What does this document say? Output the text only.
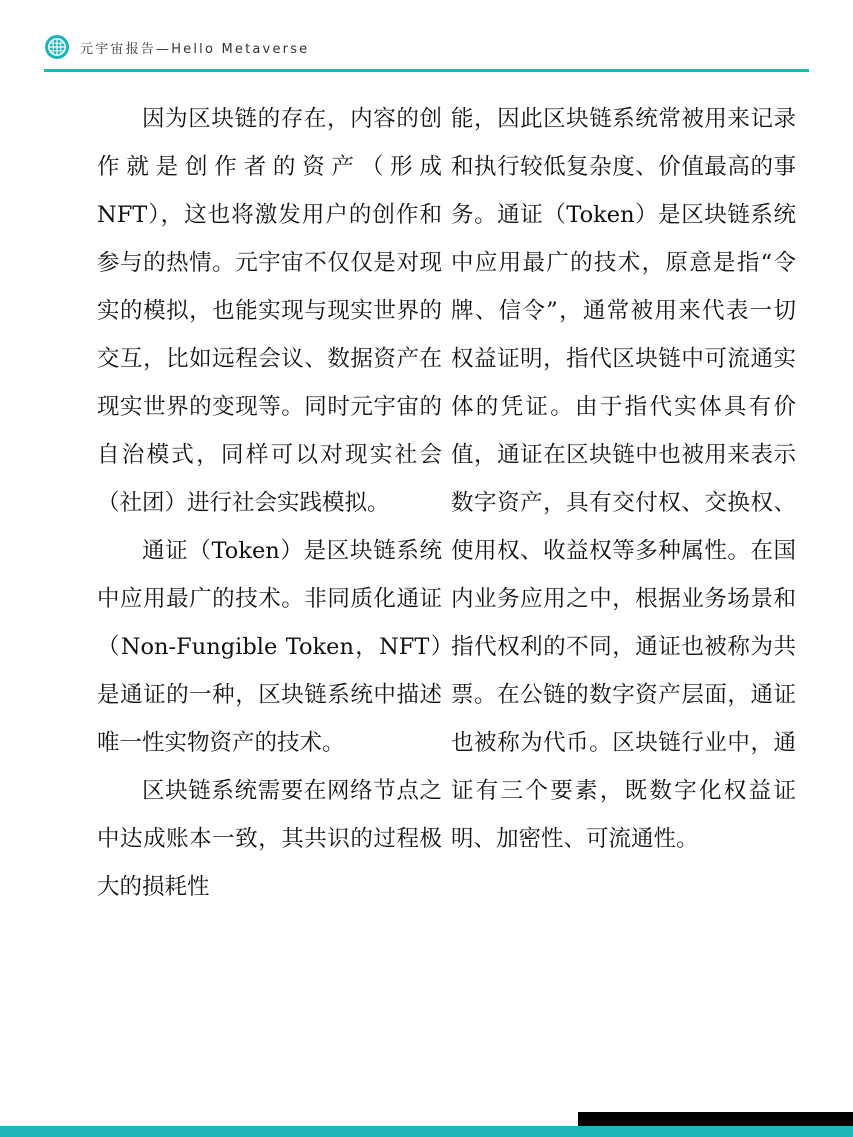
元宇宙报告—Hello Metaverse

因为区块链的存在，内容的创作就是创作者的资产（形成 NFT），这也将激发用户的创作和参与的热情。元宇宙不仅仅是对现实的模拟，也能实现与现实世界的交互，比如远程会议、数据资产在现实世界的变现等。同时元宇宙的自治模式，同样可以对现实社会（社团）进行社会实践模拟。

通证（Token）是区块链系统中应用最广的技术。非同质化通证（Non-Fungible Token，NFT）是通证的一种，区块链系统中描述唯一性实物资产的技术。

区块链系统需要在网络节点之中达成账本一致，其共识的过程极大的损耗性

能，因此区块链系统常被用来记录和执行较低复杂度、价值最高的事务。通证（Token）是区块链系统中应用最广的技术，原意是指“令牌、信令”，通常被用来代表一切权益证明，指代区块链中可流通实体的凭证。由于指代实体具有价值，通证在区块链中也被用来表示数字资产，具有交付权、交换权、使用权、收益权等多种属性。在国内业务应用之中，根据业务场景和指代权利的不同，通证也被称为共票。在公链的数字资产层面，通证也被称为代币。区块链行业中，通证有三个要素，既数字化权益证明、加密性、可流通性。
